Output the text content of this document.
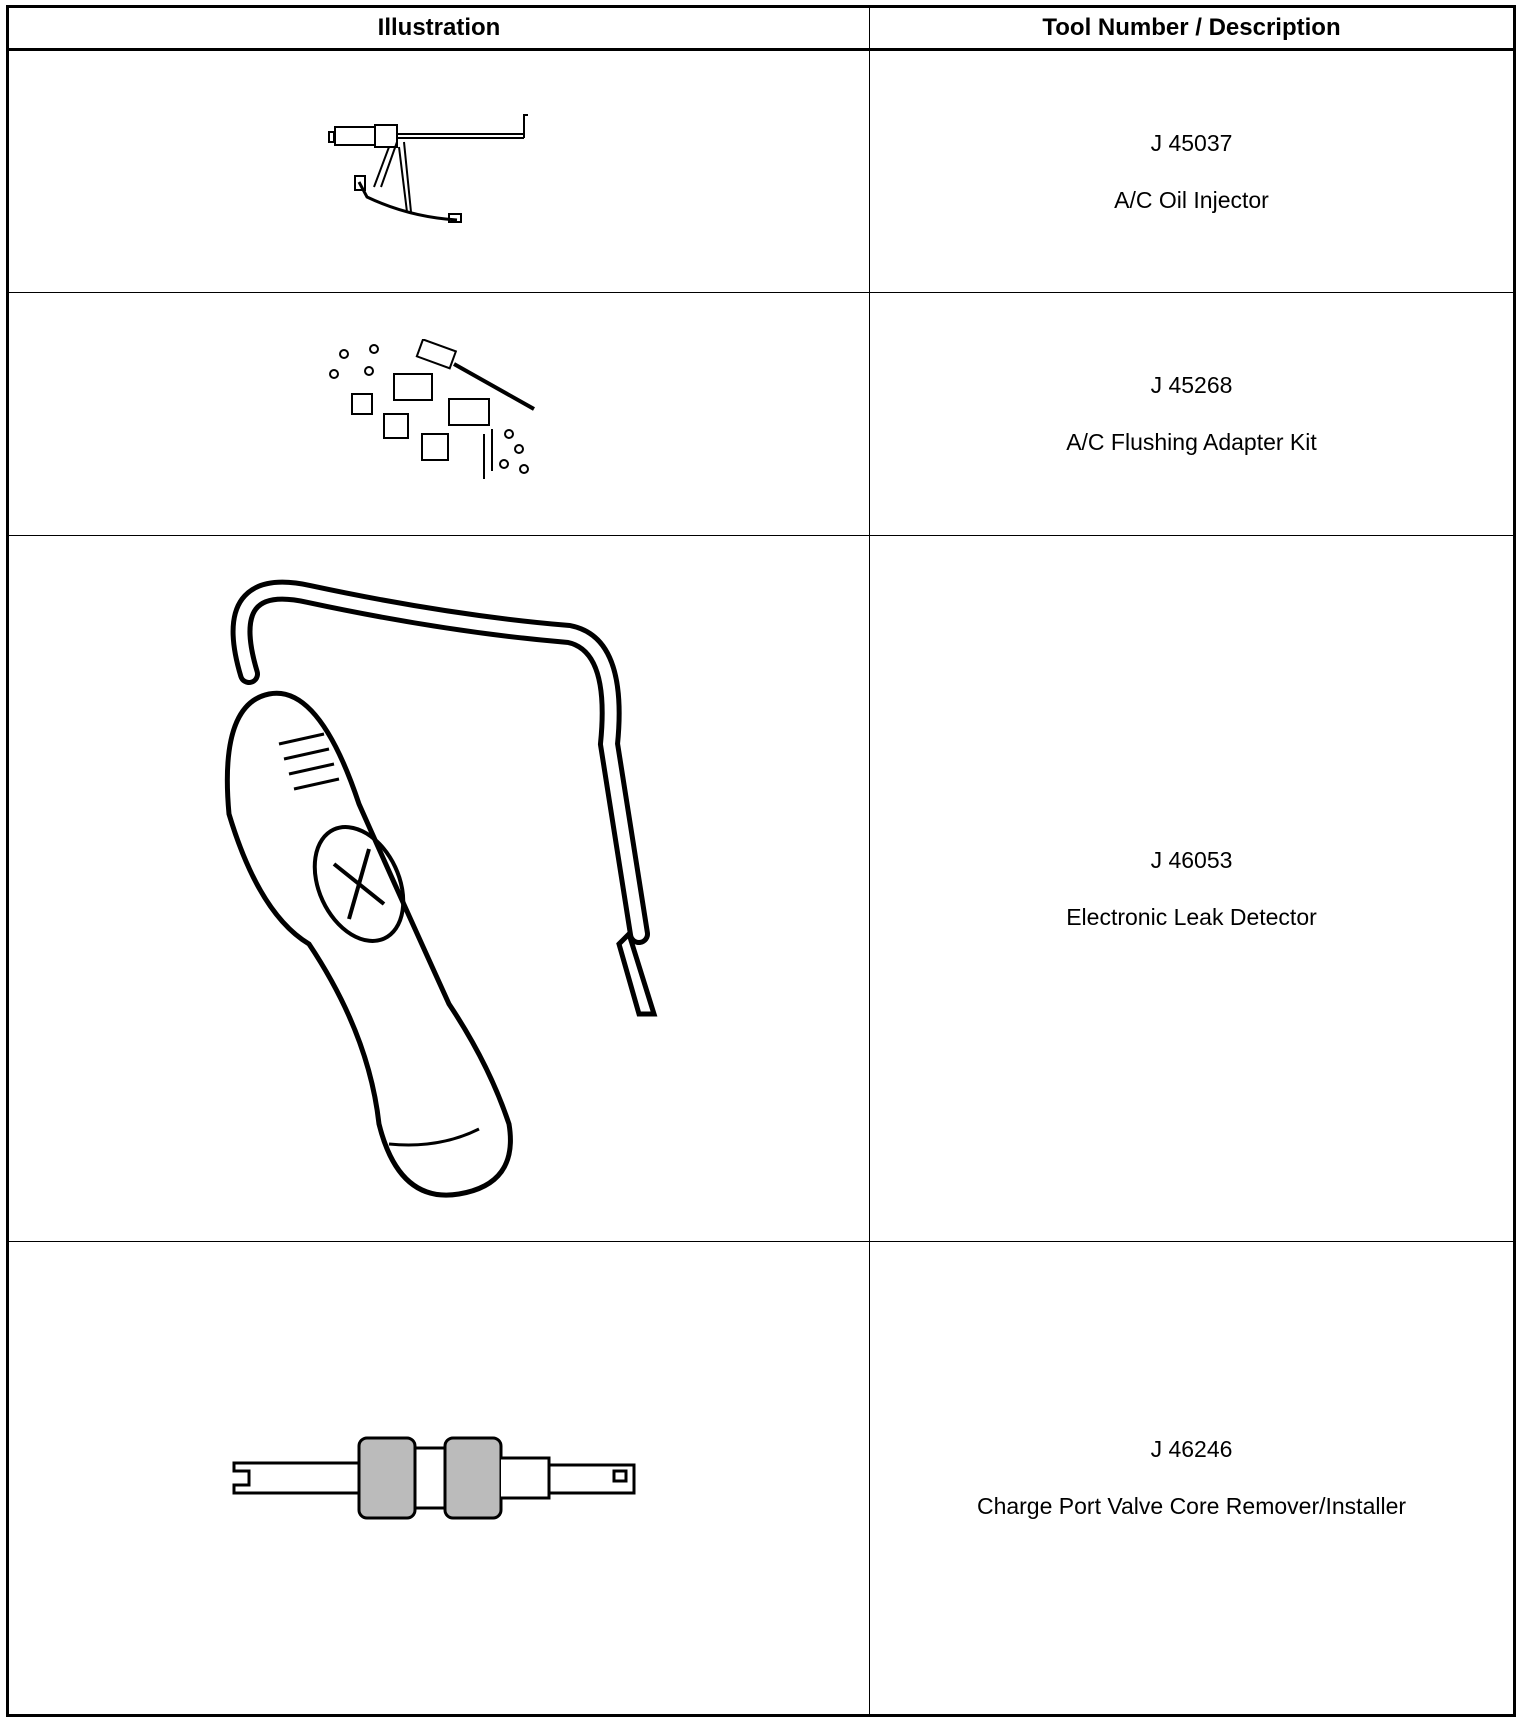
Illustration	Tool Number / Description

J 45037
A/C Oil Injector

J 45268
A/C Flushing Adapter Kit

J 46053
Electronic Leak Detector

J 46246
Charge Port Valve Core Remover/Installer
